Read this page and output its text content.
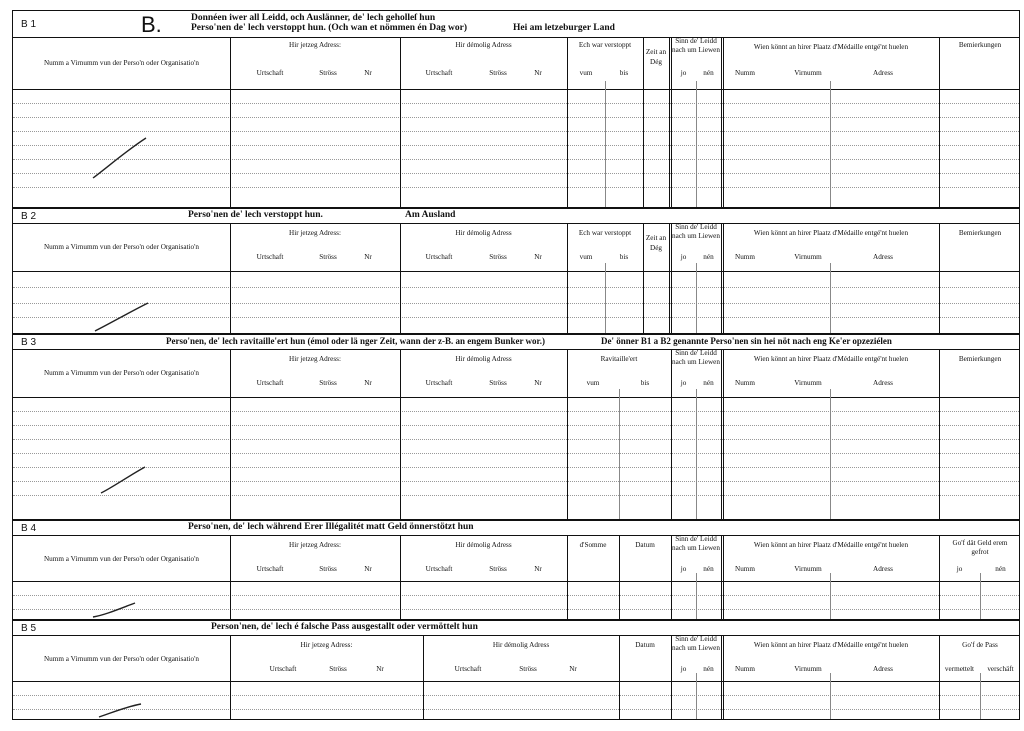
B 1	B.	Donnéen iwer all Leidd, och Auslänner, de' lech geholleſ hun
Perso'nen de' lech verstoppt hun. (Och wan et nömmen én Dag wor)	Hei am letzeburger Land
Numm a Virnumm vun der Perso'n oder Organisatio'n
Hir jetzeg Adress:
Urtschaft	Ströss	Nr
Hir démolig Adress
Urtschaft	Ströss	Nr
Ech war verstoppt
vum	bis
Zeit an Dég
Sinn de' Leidd nach um Liewen
jo	nén
Wien könnt an hirer Plaatz d'Médaille entgé'nt huelen
Numm	Virnumm	Adress
Bemierkungen
B 2	Perso'nen de' lech verstoppt hun.	Am Ausland
Numm a Virnumm vun der Perso'n oder Organisatio'n
Hir jetzeg Adress:
Urtschaft	Ströss	Nr
Hir démolig Adress
Urtschaft	Ströss	Nr
Ech war verstoppt
vum	bis
Zeit an Dég
Sinn de' Leidd nach um Liewen
jo	nén
Wien könnt an hirer Plaatz d'Médaille entgé'nt huelen
Numm	Virnumm	Adress
Bemierkungen
B 3	Perso'nen, de' lech ravitaille'ert hun (émol oder lä nger Zeit, wann der z-B. an engem Bunker wor.)	De' önner B1 a B2 genannte Perso'nen sin hei nöt nach eng Ke'er opzeziélen
Numm a Virnumm vun der Perso'n oder Organisatio'n
Hir jetzeg Adress:
Urtschaft	Ströss	Nr
Hir démolig Adress
Urtschaft	Ströss	Nr
Ravitaille'ert
vum	bis
Sinn de' Leidd nach um Liewen
jo	nén
Wien könnt an hirer Plaatz d'Médaille entgé'nt huelen
Numm	Virnumm	Adress
Bemierkungen
B 4	Perso'nen, de' lech während Erer Illégalitét matt Geld önnerstötzt hun
Numm a Virnumm vun der Perso'n oder Organisatio'n
Hir jetzeg Adress:
Urtschaft	Ströss	Nr
Hir démolig Adress
Urtschaft	Ströss	Nr
d'Somme	Datum
Sinn de' Leidd nach um Liewen
jo	nén
Wien könnt an hirer Plaatz d'Médaille entgé'nt huelen
Numm	Virnumm	Adress
Go'f dät Geld erem gefrot
jo	nén
B 5	Person'nen, de' lech é falsche Pass ausgestallt oder vermöttelt hun
Numm a Virnumm vun der Perso'n oder Organisatio'n
Hir jetzeg Adress:
Urtschaft	Ströss	Nr
Hir démolig Adress
Urtschaft	Ströss	Nr
Datum
Sinn de' Leidd nach um Liewen
jo	nén
Wien könnt an hirer Plaatz d'Médaille entgé'nt huelen
Numm	Virnumm	Adress
Go'f de Pass
vermettelt	verschäft
